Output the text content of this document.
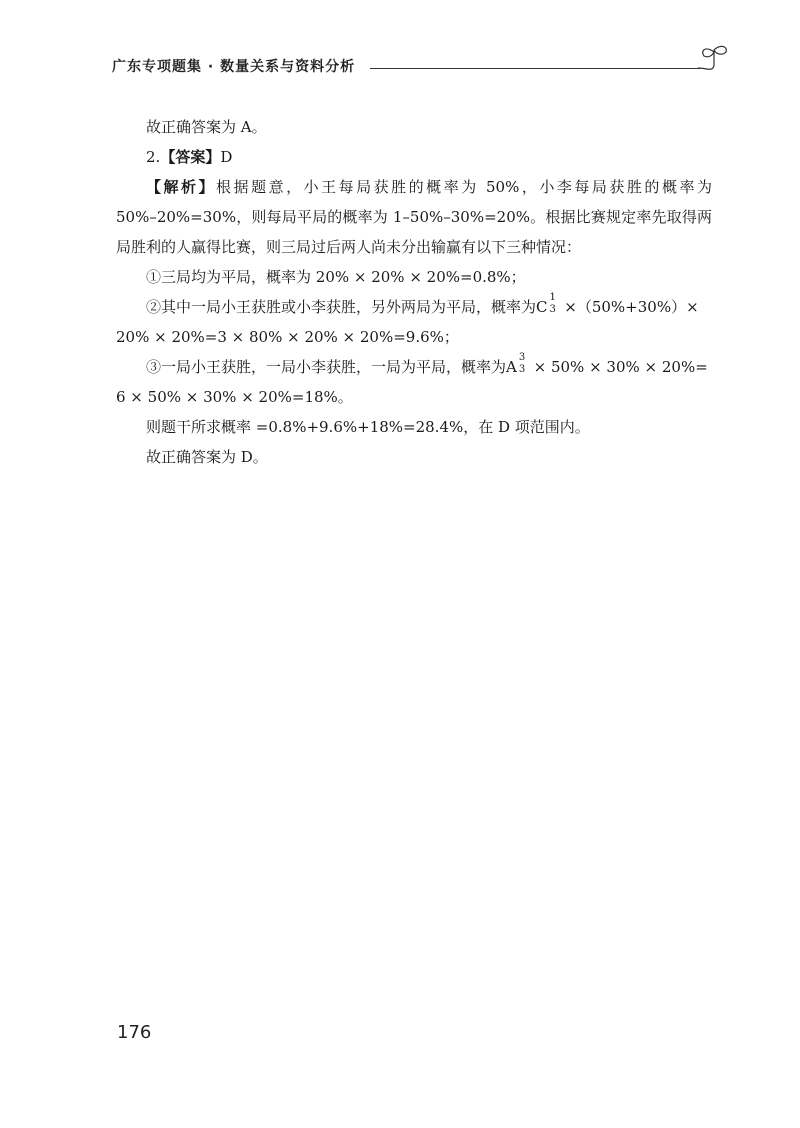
广东专项题集 · 数量关系与资料分析

故正确答案为 A。

2.【答案】D

【解析】根据题意，小王每局获胜的概率为 50%，小李每局获胜的概率为

50%–20%=30%，则每局平局的概率为 1–50%–30%=20%。根据比赛规定率先取得两

局胜利的人赢得比赛，则三局过后两人尚未分出输赢有以下三种情况：

①三局均为平局，概率为 20% × 20% × 20%=0.8%；

②其中一局小王获胜或小李获胜，另外两局为平局，概率为C
1
3 ×（50%+30%）×

20% × 20%=3 × 80% × 20% × 20%=9.6%；

③一局小王获胜，一局小李获胜，一局为平局，概率为A
3
3 × 50% × 30% × 20%=

6 × 50% × 30% × 20%=18%。

则题干所求概率 =0.8%+9.6%+18%=28.4%，在 D 项范围内。

故正确答案为 D。

176
